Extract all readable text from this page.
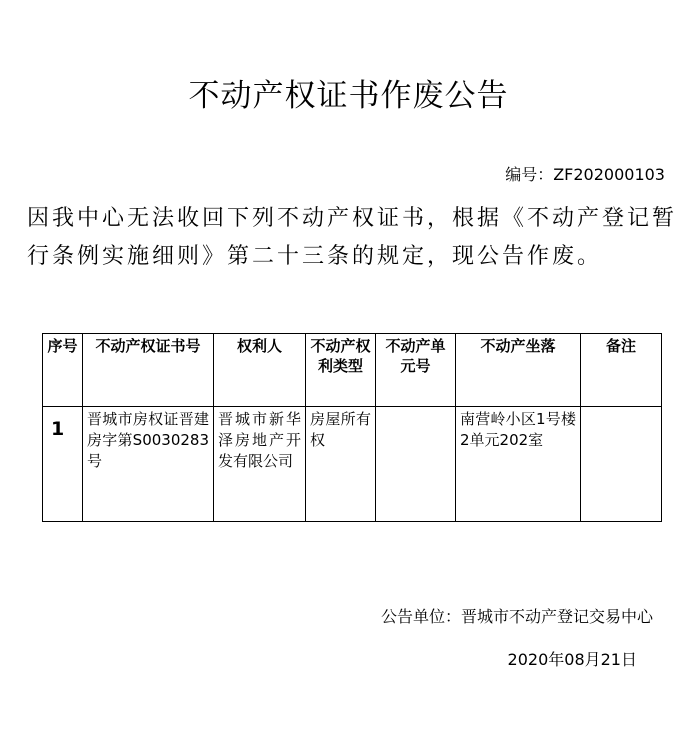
不动产权证书作废公告
编号：ZF202000103
因我中心无法收回下列不动产权证书，根据《不动产登记暂行条例实施细则》第二十三条的规定，现公告作废。
序号	不动产权证书号	权利人	不动产权利类型	不动产单元号	不动产坐落	备注
1	晋城市房权证晋建房字第S0030283号	晋城市新华泽房地产开发有限公司	房屋所有权		南营岭小区1号楼2单元202室	
公告单位：晋城市不动产登记交易中心
2020年08月21日
